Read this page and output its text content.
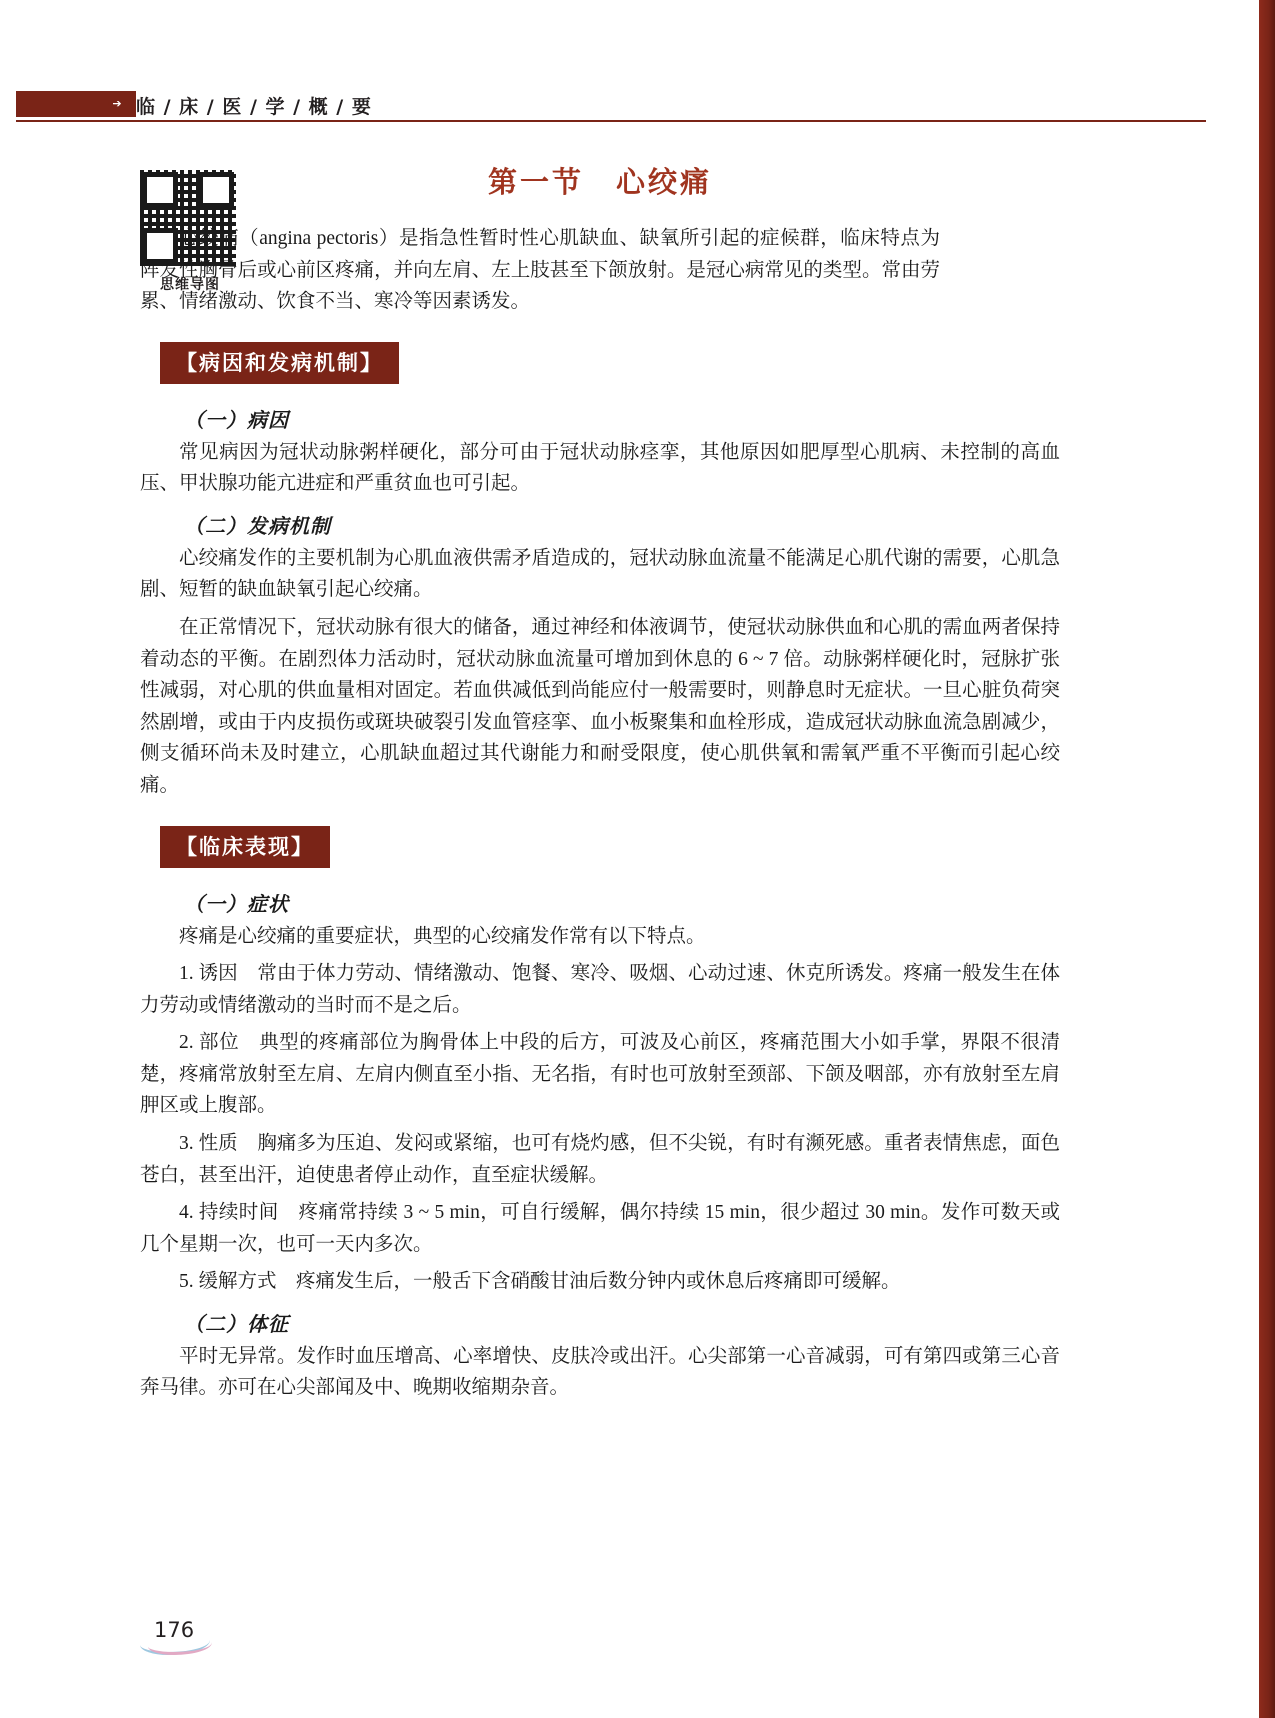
➔ 临 / 床 / 医 / 学 / 概 / 要
思维导图
第一节　心绞痛

心绞痛（angina pectoris）是指急性暂时性心肌缺血、缺氧所引起的症候群，临床特点为阵发性胸骨后或心前区疼痛，并向左肩、左上肢甚至下颌放射。是冠心病常见的类型。常由劳累、情绪激动、饮食不当、寒冷等因素诱发。

【病因和发病机制】
（一）病因

常见病因为冠状动脉粥样硬化，部分可由于冠状动脉痉挛，其他原因如肥厚型心肌病、未控制的高血压、甲状腺功能亢进症和严重贫血也可引起。

（二）发病机制

心绞痛发作的主要机制为心肌血液供需矛盾造成的，冠状动脉血流量不能满足心肌代谢的需要，心肌急剧、短暂的缺血缺氧引起心绞痛。

在正常情况下，冠状动脉有很大的储备，通过神经和体液调节，使冠状动脉供血和心肌的需血两者保持着动态的平衡。在剧烈体力活动时，冠状动脉血流量可增加到休息的 6 ~ 7 倍。动脉粥样硬化时，冠脉扩张性减弱，对心肌的供血量相对固定。若血供减低到尚能应付一般需要时，则静息时无症状。一旦心脏负荷突然剧增，或由于内皮损伤或斑块破裂引发血管痉挛、血小板聚集和血栓形成，造成冠状动脉血流急剧减少，侧支循环尚未及时建立，心肌缺血超过其代谢能力和耐受限度，使心肌供氧和需氧严重不平衡而引起心绞痛。

【临床表现】
（一）症状

疼痛是心绞痛的重要症状，典型的心绞痛发作常有以下特点。

1. 诱因　常由于体力劳动、情绪激动、饱餐、寒冷、吸烟、心动过速、休克所诱发。疼痛一般发生在体力劳动或情绪激动的当时而不是之后。

2. 部位　典型的疼痛部位为胸骨体上中段的后方，可波及心前区，疼痛范围大小如手掌，界限不很清楚，疼痛常放射至左肩、左肩内侧直至小指、无名指，有时也可放射至颈部、下颌及咽部，亦有放射至左肩胛区或上腹部。

3. 性质　胸痛多为压迫、发闷或紧缩，也可有烧灼感，但不尖锐，有时有濒死感。重者表情焦虑，面色苍白，甚至出汗，迫使患者停止动作，直至症状缓解。

4. 持续时间　疼痛常持续 3 ~ 5 min，可自行缓解，偶尔持续 15 min，很少超过 30 min。发作可数天或几个星期一次，也可一天内多次。

5. 缓解方式　疼痛发生后，一般舌下含硝酸甘油后数分钟内或休息后疼痛即可缓解。

（二）体征

平时无异常。发作时血压增高、心率增快、皮肤冷或出汗。心尖部第一心音减弱，可有第四或第三心音奔马律。亦可在心尖部闻及中、晚期收缩期杂音。

176
